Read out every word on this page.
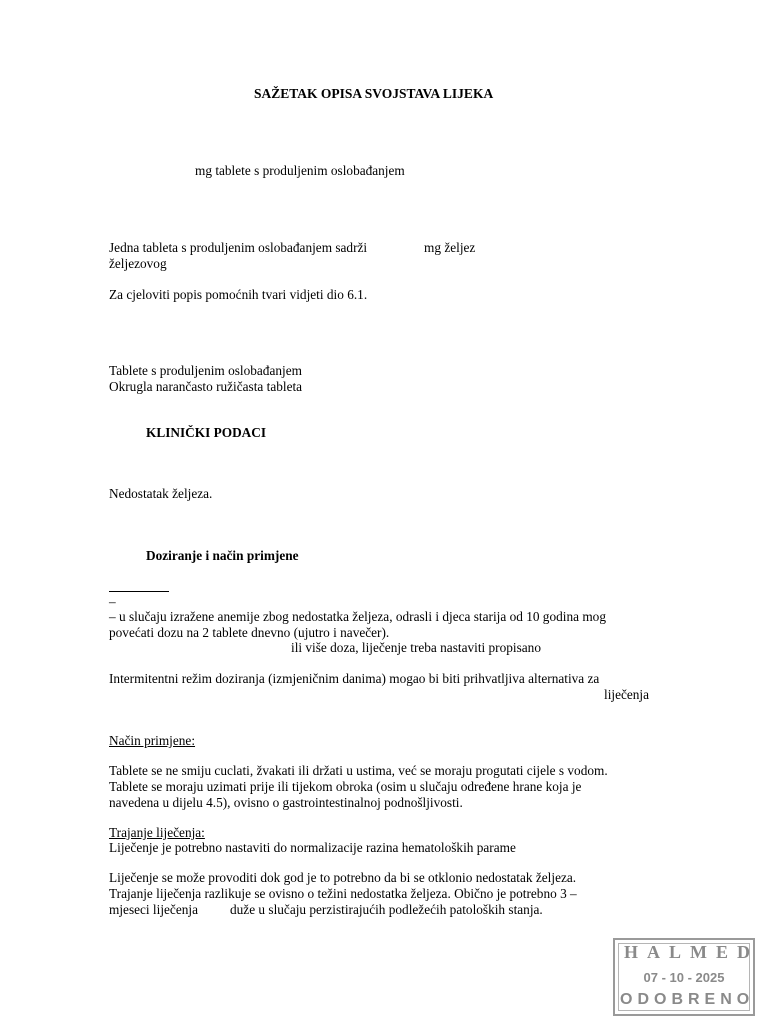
SAŽETAK OPISA SVOJSTAVA LIJEKA
mg tablete s produljenim oslobađanjem
Jedna tableta s produljenim oslobađanjem sadrži	mg željez
željezovog
Za cjeloviti popis pomoćnih tvari vidjeti dio 6.1.
Tablete s produljenim oslobađanjem
Okrugla narančasto ružičasta tableta
KLINIČKI PODACI
Nedostatak željeza.
Doziranje i način primjene
–
– u slučaju izražene anemije zbog nedostatka željeza, odrasli i djeca starija od 10 godina mog
povećati dozu na 2 tablete dnevno (ujutro i navečer).
ili više doza, liječenje treba nastaviti propisano
Intermitentni režim doziranja (izmjeničnim danima) mogao bi biti prihvatljiva alternativa za
liječenja
Način primjene:
Tablete se ne smiju cuclati, žvakati ili držati u ustima, već se moraju progutati cijele s vodom.
Tablete se moraju uzimati prije ili tijekom obroka (osim u slučaju određene hrane koja je
navedena u dijelu 4.5), ovisno o gastrointestinalnoj podnošljivosti.
Trajanje liječenja:
Liječenje je potrebno nastaviti do normalizacije razina hematoloških parame
Liječenje se može provoditi dok god je to potrebno da bi se otklonio nedostatak željeza.
Trajanje liječenja razlikuje se ovisno o težini nedostatka željeza. Obično je potrebno 3 –
mjeseci liječenja duže u slučaju perzistirajućih podležećih patoloških stanja.
HALMED
07 - 10 - 2025
ODOBRENO
